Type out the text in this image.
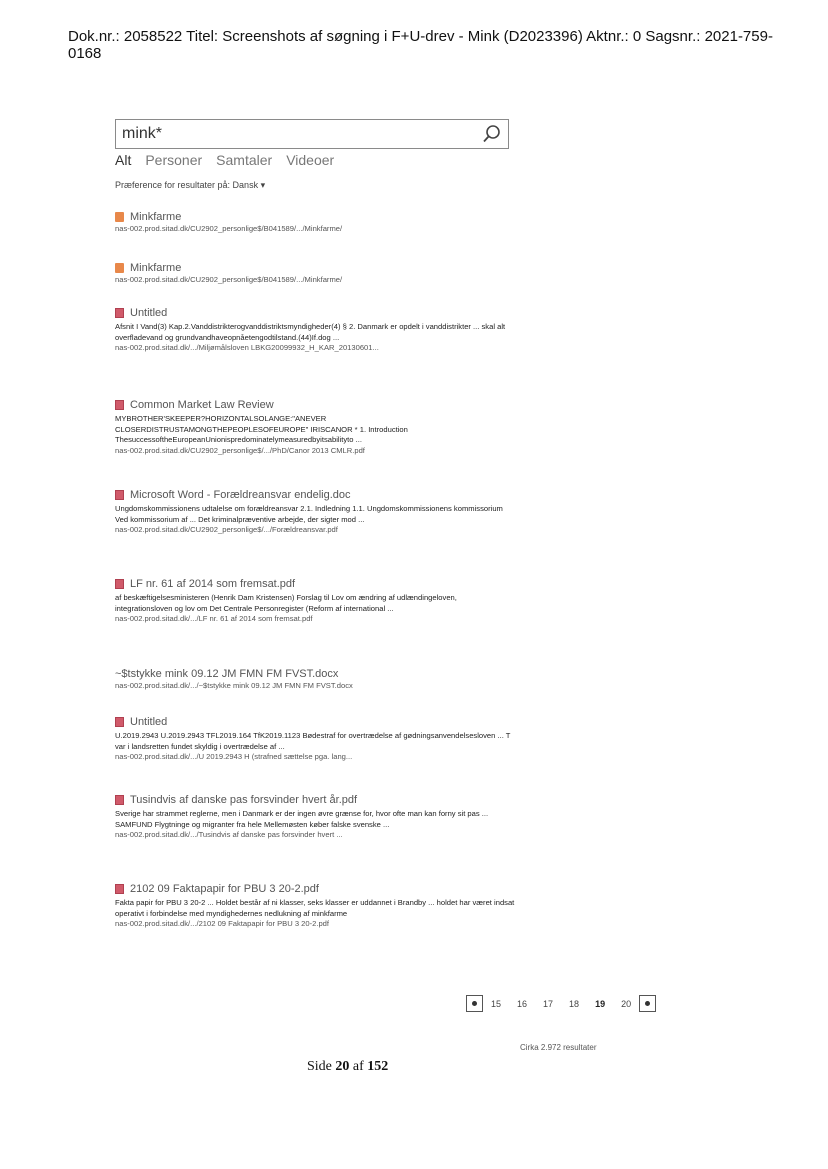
Dok.nr.: 2058522 Titel: Screenshots af søgning i F+U-drev - Mink (D2023396) Aktnr.: 0 Sagsnr.: 2021-759-0168
mink*
Alt Personer Samtaler Videoer
Præference for resultater på: Dansk ▾
Minkfarme
nas-002.prod.sitad.dk/CU2902_personlige$/B041589/.../Minkfarme/
Minkfarme
nas-002.prod.sitad.dk/CU2902_personlige$/B041589/.../Minkfarme/
Untitled
Afsnit I Vand(3) Kap.2.Vanddistrikterogvanddistriktsmyndigheder(4) § 2. Danmark er opdelt i vanddistrikter ... skal alt overfladevand og grundvandhaveopnåetengodtilstand.(44)If.dog ...
nas-002.prod.sitad.dk/.../Miljømålsloven LBKG20099932_H_KAR_20130601...
Common Market Law Review
MYBROTHER'SKEEPER?HORIZONTALSOLANGE:"ANEVER CLOSERDISTRUSTAMONGTHEPEOPLESOFEUROPE" IRISCANOR * 1. Introduction ThesuccessoftheEuropeanUnionispredominatelymeasuredbyitsabilityto ...
nas-002.prod.sitad.dk/CU2902_personlige$/.../PhD/Canor 2013 CMLR.pdf
Microsoft Word - Forældreansvar endelig.doc
Ungdomskommissionens udtalelse om forældreansvar 2.1. Indledning 1.1. Ungdomskommissionens kommissorium Ved kommissorium af ... Det kriminalpræventive arbejde, der sigter mod ...
nas-002.prod.sitad.dk/CU2902_personlige$/.../Forældreansvar.pdf
LF nr. 61 af 2014 som fremsat.pdf
af beskæftigelsesministeren (Henrik Dam Kristensen) Forslag til Lov om ændring af udlændingeloven, integrationsloven og lov om Det Centrale Personregister (Reform af international ...
nas-002.prod.sitad.dk/.../LF nr. 61 af 2014 som fremsat.pdf
~$tstykke mink 09.12 JM FMN FM FVST.docx
nas-002.prod.sitad.dk/.../~$tstykke mink 09.12 JM FMN FM FVST.docx
Untitled
U.2019.2943 U.2019.2943 TFL2019.164 TfK2019.1123 Bødestraf for overtrædelse af gødningsanvendelsesloven ... T var i landsretten fundet skyldig i overtrædelse af ...
nas-002.prod.sitad.dk/.../U 2019.2943 H (strafned sættelse pga. lang...
Tusindvis af danske pas forsvinder hvert år.pdf
Sverige har strammet reglerne, men i Danmark er der ingen øvre grænse for, hvor ofte man kan forny sit pas ... SAMFUND Flygtninge og migranter fra hele Mellemøsten køber falske svenske ...
nas-002.prod.sitad.dk/.../Tusindvis af danske pas forsvinder hvert ...
2102 09 Faktapapir for PBU 3 20-2.pdf
Fakta papir for PBU 3 20-2 ... Holdet består af ni klasser, seks klasser er uddannet i Brandby ... holdet har været indsat operativt i forbindelse med myndighedernes nedlukning af minkfarme
nas-002.prod.sitad.dk/.../2102 09 Faktapapir for PBU 3 20-2.pdf
15 16 17 18 19 20
Cirka 2.972 resultater
Side 20 af 152
